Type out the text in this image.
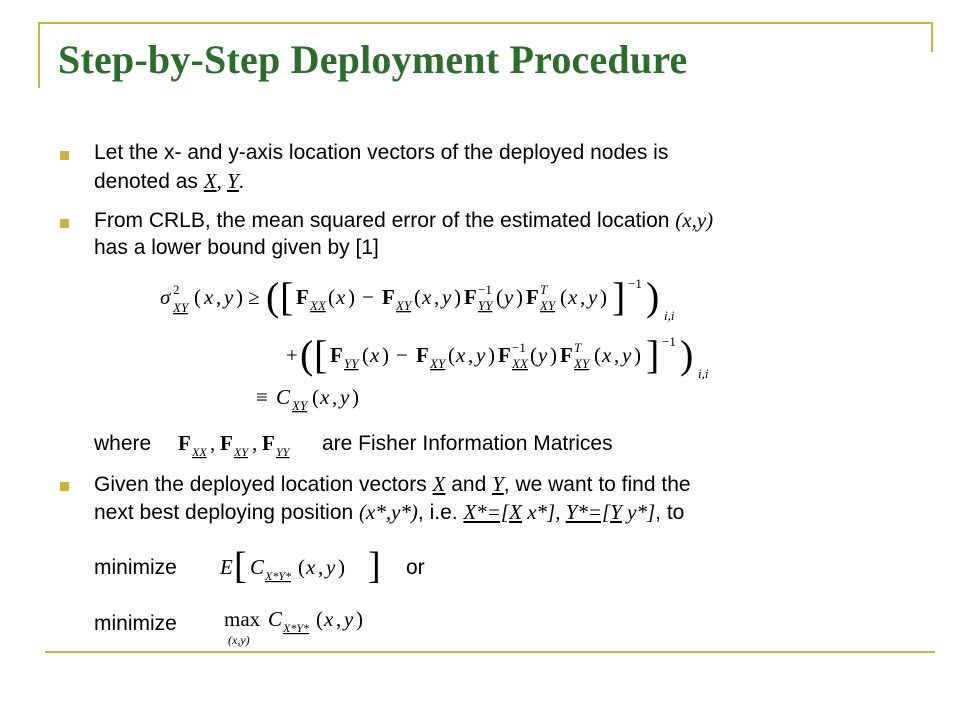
Step-by-Step Deployment Procedure
Let the x- and y-axis location vectors of the deployed nodes is
denoted as X, Y.
From CRLB, the mean squared error of the estimated location (x,y)
has a lower bound given by [1]
σ 2
XY ( x , y ) ≥ ( [ F XX ( x ) − F XY ( x , y ) F −1
YY ( y ) F T
XY ( x , y ) ] −1 ) i,i
+ ( [ F YY ( x ) − F XY ( x , y ) F −1
XX ( y ) F T
XY ( x , y ) ] −1 ) i,i
≡ C XY ( x , y )
where F XX , F XY , F YY are Fisher Information Matrices
Given the deployed location vectors X and Y, we want to find the
next best deploying position (x*,y*), i.e. X*=[X x*], Y*=[Y y*], to
minimize E [ C X*Y* ( x , y ) ] or
minimize max
(x,y)
C X*Y* ( x , y )
